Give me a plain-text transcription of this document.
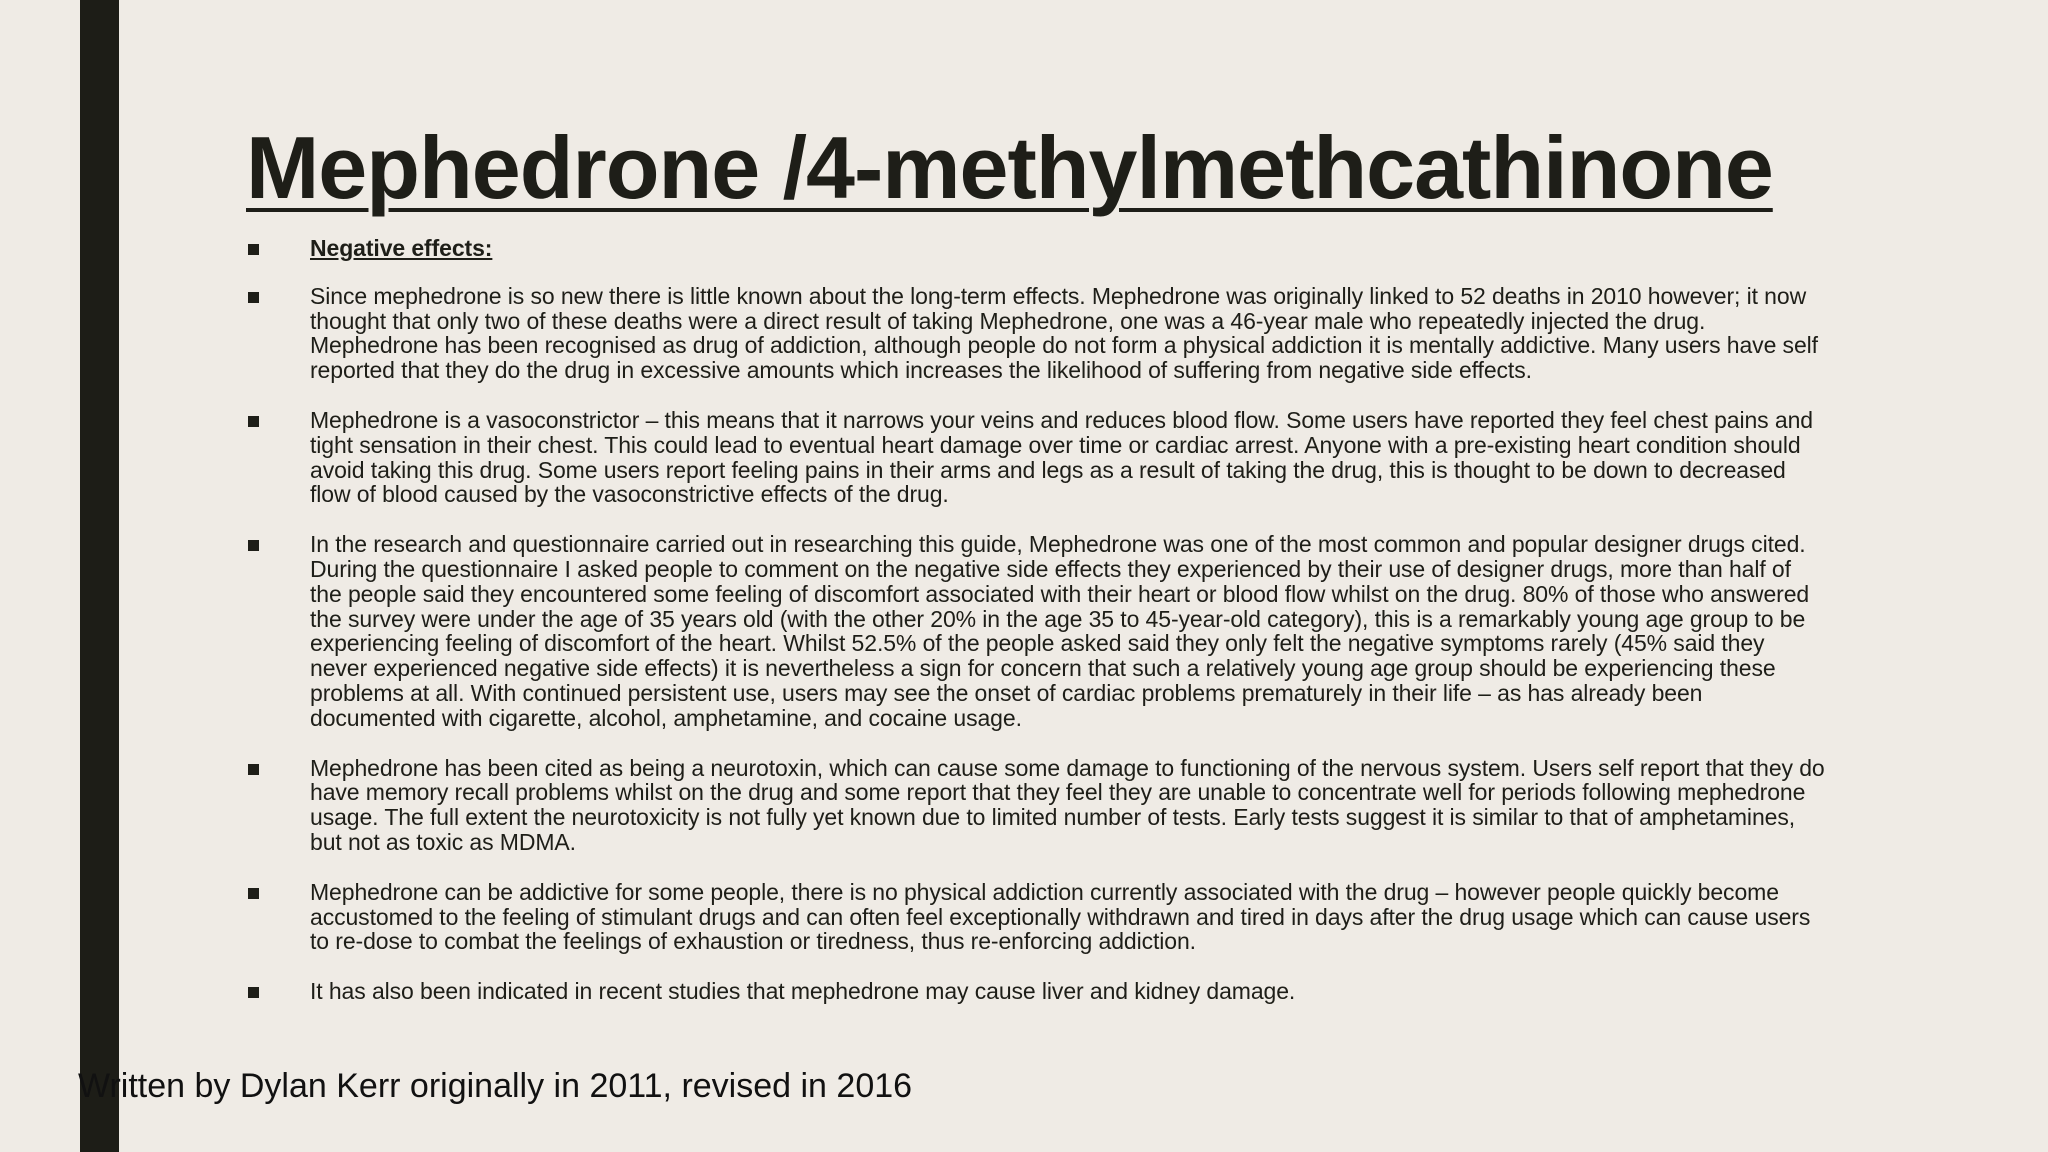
Mephedrone /4-methylmethcathinone
Negative effects:
Since mephedrone is so new there is little known about the long-term effects. Mephedrone was originally linked to 52 deaths in 2010 however; it now thought that only two of these deaths were a direct result of taking Mephedrone, one was a 46-year male who repeatedly injected the drug. Mephedrone has been recognised as drug of addiction, although people do not form a physical addiction it is mentally addictive. Many users have self reported that they do the drug in excessive amounts which increases the likelihood of suffering from negative side effects.
Mephedrone is a vasoconstrictor – this means that it narrows your veins and reduces blood flow. Some users have reported they feel chest pains and tight sensation in their chest. This could lead to eventual heart damage over time or cardiac arrest. Anyone with a pre-existing heart condition should avoid taking this drug. Some users report feeling pains in their arms and legs as a result of taking the drug, this is thought to be down to decreased flow of blood caused by the vasoconstrictive effects of the drug.
In the research and questionnaire carried out in researching this guide, Mephedrone was one of the most common and popular designer drugs cited. During the questionnaire I asked people to comment on the negative side effects they experienced by their use of designer drugs, more than half of the people said they encountered some feeling of discomfort associated with their heart or blood flow whilst on the drug. 80% of those who answered the survey were under the age of 35 years old (with the other 20% in the age 35 to 45-year-old category), this is a remarkably young age group to be experiencing feeling of discomfort of the heart. Whilst 52.5% of the people asked said they only felt the negative symptoms rarely (45% said they never experienced negative side effects) it is nevertheless a sign for concern that such a relatively young age group should be experiencing these problems at all. With continued persistent use, users may see the onset of cardiac problems prematurely in their life – as has already been documented with cigarette, alcohol, amphetamine, and cocaine usage.
Mephedrone has been cited as being a neurotoxin, which can cause some damage to functioning of the nervous system. Users self report that they do have memory recall problems whilst on the drug and some report that they feel they are unable to concentrate well for periods following mephedrone usage. The full extent the neurotoxicity is not fully yet known due to limited number of tests. Early tests suggest it is similar to that of amphetamines, but not as toxic as MDMA.
Mephedrone can be addictive for some people, there is no physical addiction currently associated with the drug – however people quickly become accustomed to the feeling of stimulant drugs and can often feel exceptionally withdrawn and tired in days after the drug usage which can cause users to re-dose to combat the feelings of exhaustion or tiredness, thus re-enforcing addiction.
It has also been indicated in recent studies that mephedrone may cause liver and kidney damage.
Written by Dylan Kerr originally in 2011, revised in 2016
